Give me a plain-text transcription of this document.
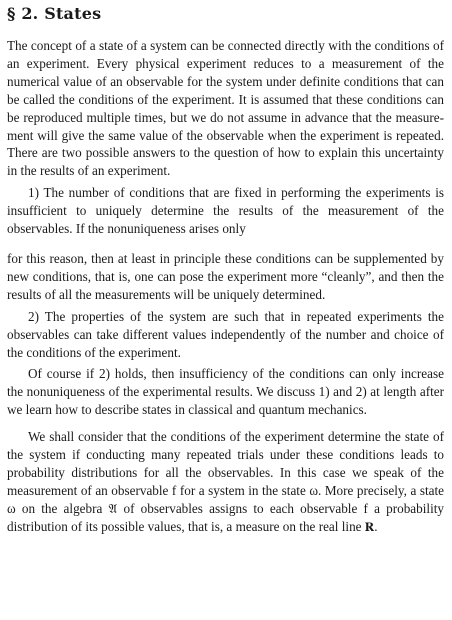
§ 2. States

The concept of a state of a system can be connected directly with the conditions of an experiment. Every physical experiment reduces to a measurement of the numerical value of an observable for the system under definite conditions that can be called the conditions of the experiment. It is assumed that these conditions can be reproduced multiple times, but we do not assume in advance that the measurement will give the same value of the observable when the experiment is repeated. There are two possible answers to the question of how to explain this uncertainty in the results of an experiment.

1) The number of conditions that are fixed in performing the experiments is insufficient to uniquely determine the results of the measurement of the observables. If the nonuniqueness arises only

for this reason, then at least in principle these conditions can be supplemented by new conditions, that is, one can pose the experiment more “cleanly”, and then the results of all the measurements will be uniquely determined.

2) The properties of the system are such that in repeated experiments the observables can take different values independently of the number and choice of the conditions of the experiment.

Of course if 2) holds, then insufficiency of the conditions can only increase the nonuniqueness of the experimental results. We discuss 1) and 2) at length after we learn how to describe states in classical and quantum mechanics.

We shall consider that the conditions of the experiment determine the state of the system if conducting many repeated trials under these conditions leads to probability distributions for all the observables. In this case we speak of the measurement of an observable f for a system in the state ω. More precisely, a state ω on the algebra 𝔄 of observables assigns to each observable f a probability distribution of its possible values, that is, a measure on the real line 𝐑.
